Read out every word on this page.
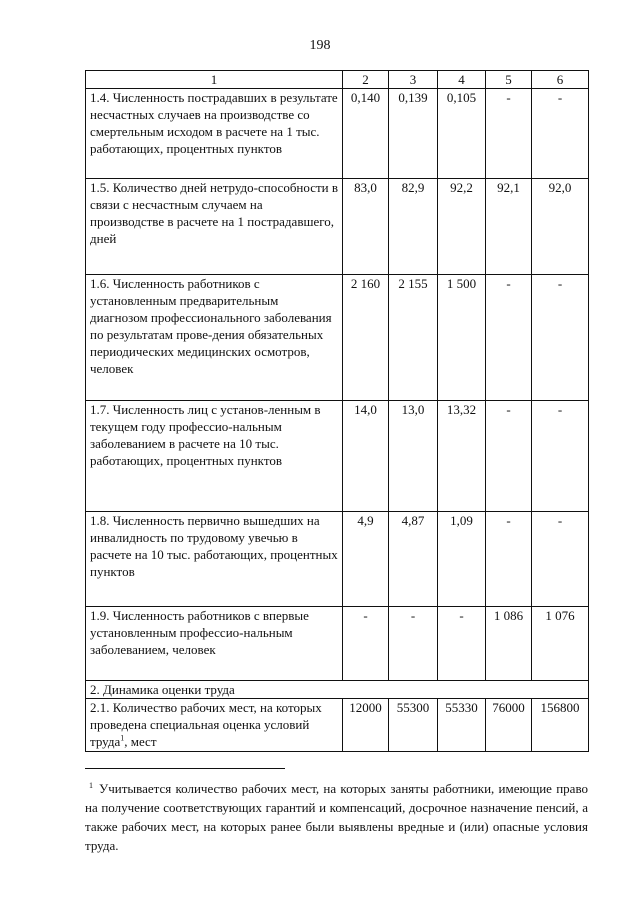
198
1	2	3	4	5	6
1.4. Численность пострадавших в результате несчастных случаев на производстве со смертельным исходом в расчете на 1 тыс. работающих, процентных пунктов	0,140	0,139	0,105	-	-
1.5. Количество дней нетрудо-способности в связи с несчастным случаем на производстве в расчете на 1 пострадавшего, дней	83,0	82,9	92,2	92,1	92,0
1.6. Численность работников с установленным предварительным диагнозом профессионального заболевания по результатам прове-дения обязательных периодических медицинских осмотров, человек	2 160	2 155	1 500	-	-
1.7. Численность лиц с установ-ленным в текущем году профессио-нальным заболеванием в расчете на 10 тыс. работающих, процентных пунктов	14,0	13,0	13,32	-	-
1.8. Численность первично вышедших на инвалидность по трудовому увечью в расчете на 10 тыс. работающих, процентных пунктов	4,9	4,87	1,09	-	-
1.9. Численность работников с впервые установленным профессио-нальным заболеванием, человек	-	-	-	1 086	1 076
2. Динамика оценки труда					
2.1. Количество рабочих мест, на которых проведена специальная оценка условий труда$^1$, мест	12000	55300	55330	76000	156800
$^1$ Учитывается количество рабочих мест, на которых заняты работники, имеющие право на получение соответствующих гарантий и компенсаций, досрочное назначение пенсий, а также рабочих мест, на которых ранее были выявлены вредные и (или) опасные условия труда.
